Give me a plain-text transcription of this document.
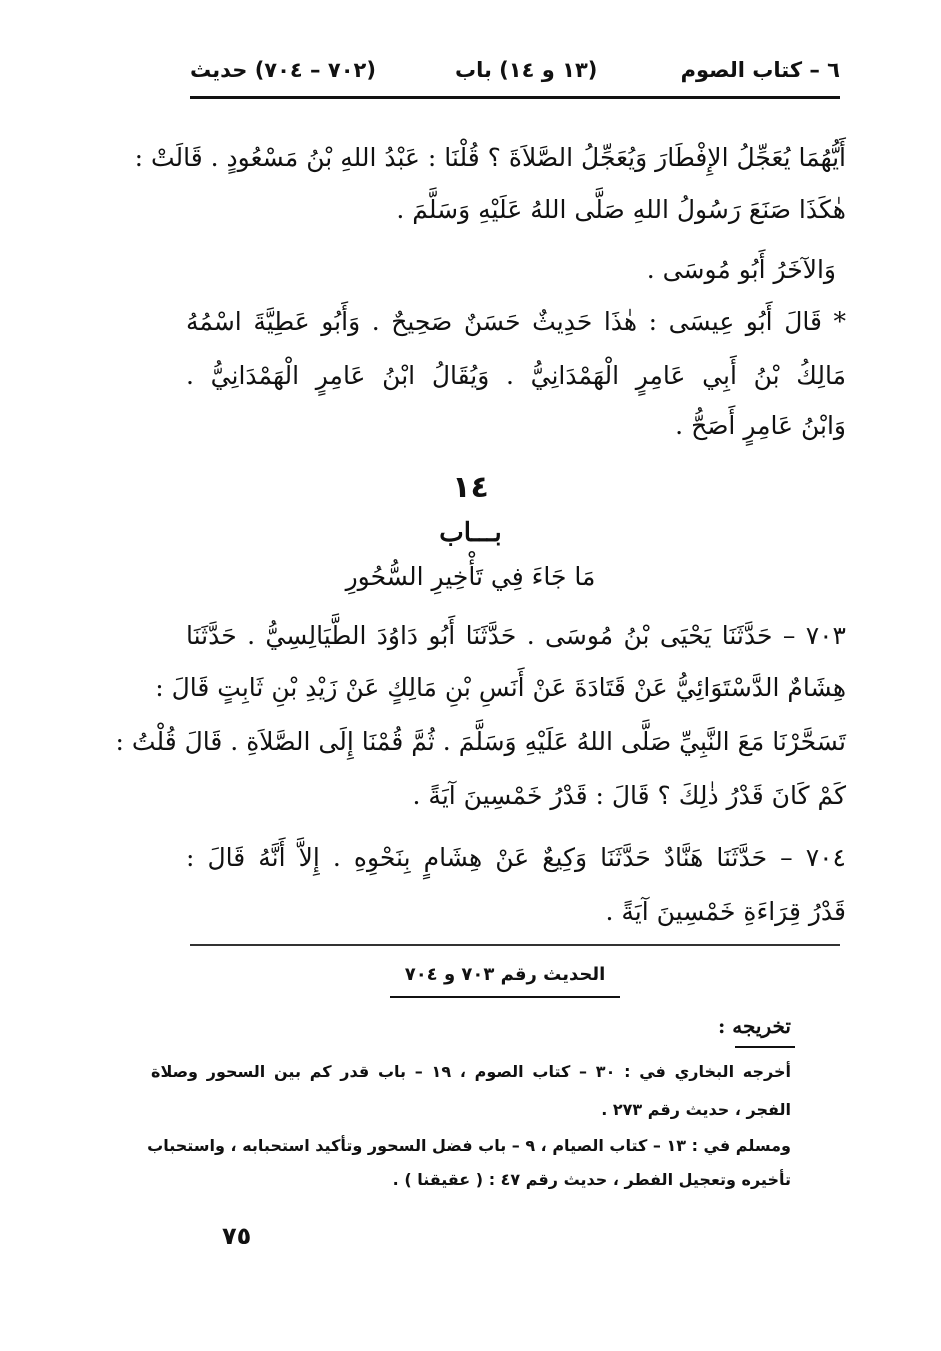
٦ – كتاب الصوم
(١٣ و ١٤) باب
(٧٠٢ – ٧٠٤) حديث
أَيُّهُمَا يُعَجِّلُ الإِفْطَارَ وَيُعَجِّلُ الصَّلاَةَ ؟ قُلْنَا : عَبْدُ اللهِ بْنُ مَسْعُودٍ . قَالَتْ :
هٰكَذَا صَنَعَ رَسُولُ اللهِ صَلَّى اللهُ عَلَيْهِ وَسَلَّمَ .
وَالآخَرُ أَبُو مُوسَى .
* قَالَ أَبُو عِيسَى : هٰذَا حَدِيثٌ حَسَنٌ صَحِيحٌ . وَأَبُو عَطِيَّةَ اسْمُهُ
مَالِكُ بْنُ أَبِي عَامِرٍ الْهَمْدَانِيُّ . وَيُقَالُ ابْنُ عَامِرٍ الْهَمْدَانِيُّ .
وَابْنُ عَامِرٍ أَصَحُّ .
١٤
بـــاب
مَا جَاءَ فِي تَأْخِيرِ السُّحُورِ
٧٠٣ – حَدَّثَنَا يَحْيَى بْنُ مُوسَى . حَدَّثَنَا أَبُو دَاوُدَ الطَّيَالِسِيُّ . حَدَّثَنَا
هِشَامٌ الدَّسْتَوَائِيُّ عَنْ قَتَادَةَ عَنْ أَنَسِ بْنِ مَالِكٍ عَنْ زَيْدِ بْنِ ثَابِتٍ قَالَ :
تَسَحَّرْنَا مَعَ النَّبِيِّ صَلَّى اللهُ عَلَيْهِ وَسَلَّمَ . ثُمَّ قُمْنَا إِلَى الصَّلاَةِ . قَالَ قُلْتُ :
كَمْ كَانَ قَدْرُ ذٰلِكَ ؟ قَالَ : قَدْرُ خَمْسِينَ آيَةً .
٧٠٤ – حَدَّثَنَا هَنَّادٌ حَدَّثَنَا وَكِيعٌ عَنْ هِشَامٍ بِنَحْوِهِ . إِلاَّ أَنَّهُ قَالَ :
قَدْرُ قِرَاءَةِ خَمْسِينَ آيَةً .
الحديث رقم ٧٠٣ و ٧٠٤
تخريجه :
أخرجه البخاري في : ٣٠ – كتاب الصوم ، ١٩ – باب قدر كم بين السحور وصلاة
الفجر ، حديث رقم ٢٧٣ .
ومسلم في : ١٣ – كتاب الصيام ، ٩ – باب فضل السحور وتأكيد استحبابه ، واستحباب
تأخيره وتعجيل الفطر ، حديث رقم ٤٧ : ( عقيقنا ) .
٧٥
